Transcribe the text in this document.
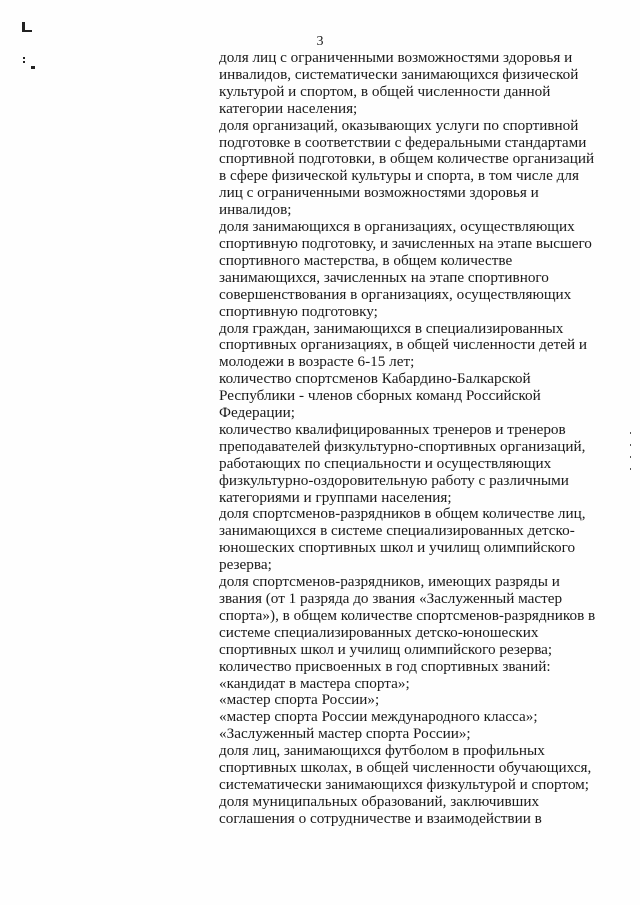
3
доля лиц с ограниченными возможностями здоровья и
инвалидов, систематически занимающихся физической
культурой и спортом, в общей численности данной
категории населения;
доля организаций, оказывающих услуги по спортивной
подготовке в соответствии с федеральными стандартами
спортивной подготовки, в общем количестве организаций
в сфере физической культуры и спорта, в том числе для
лиц с ограниченными возможностями здоровья и
инвалидов;
доля занимающихся в организациях, осуществляющих
спортивную подготовку, и зачисленных на этапе высшего
спортивного мастерства, в общем количестве
занимающихся, зачисленных на этапе спортивного
совершенствования в организациях, осуществляющих
спортивную подготовку;
доля граждан, занимающихся в специализированных
спортивных организациях, в общей численности детей и
молодежи в возрасте 6-15 лет;
количество спортсменов Кабардино-Балкарской
Республики - членов сборных команд Российской
Федерации;
количество квалифицированных тренеров и тренеров
преподавателей физкультурно-спортивных организаций,
работающих по специальности и осуществляющих
физкультурно-оздоровительную работу с различными
категориями и группами населения;
доля спортсменов-разрядников в общем количестве лиц,
занимающихся в системе специализированных детско-
юношеских спортивных школ и училищ олимпийского
резерва;
доля спортсменов-разрядников, имеющих разряды и
звания (от 1 разряда до звания «Заслуженный мастер
спорта»), в общем количестве спортсменов-разрядников в
системе специализированных детско-юношеских
спортивных школ и училищ олимпийского резерва;
количество присвоенных в год спортивных званий:
«кандидат в мастера спорта»;
«мастер спорта России»;
«мастер спорта России международного класса»;
«Заслуженный мастер спорта России»;
доля лиц, занимающихся футболом в профильных
спортивных школах, в общей численности обучающихся,
систематически занимающихся физкультурой и спортом;
доля муниципальных образований, заключивших
соглашения о сотрудничестве и взаимодействии в
